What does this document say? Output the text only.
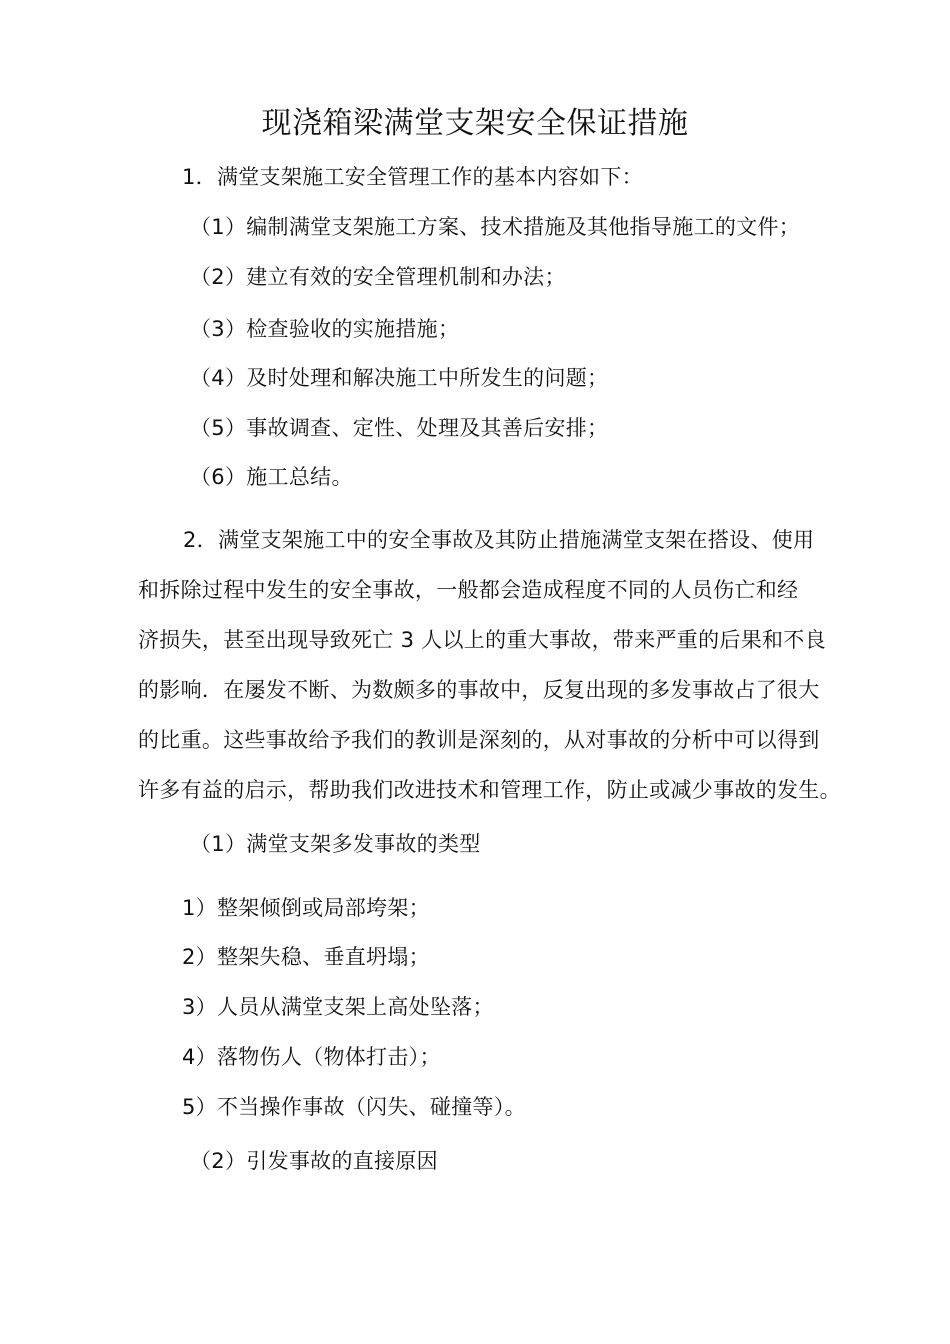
现浇箱梁满堂支架安全保证措施
1．满堂支架施工安全管理工作的基本内容如下：
（1）编制满堂支架施工方案、技术措施及其他指导施工的文件；
（2）建立有效的安全管理机制和办法；
（3）检查验收的实施措施；
（4）及时处理和解决施工中所发生的问题；
（5）事故调查、定性、处理及其善后安排；
（6）施工总结。
2．满堂支架施工中的安全事故及其防止措施满堂支架在搭设、使用
和拆除过程中发生的安全事故，一般都会造成程度不同的人员伤亡和经
济损失，甚至出现导致死亡 3 人以上的重大事故，带来严重的后果和不良
的影响．在屡发不断、为数颇多的事故中，反复出现的多发事故占了很大
的比重。这些事故给予我们的教训是深刻的，从对事故的分析中可以得到
许多有益的启示，帮助我们改进技术和管理工作，防止或减少事故的发生。
（1）满堂支架多发事故的类型
1）整架倾倒或局部垮架；
2）整架失稳、垂直坍塌；
3）人员从满堂支架上高处坠落；
4）落物伤人（物体打击）；
5）不当操作事故（闪失、碰撞等）。
（2）引发事故的直接原因
